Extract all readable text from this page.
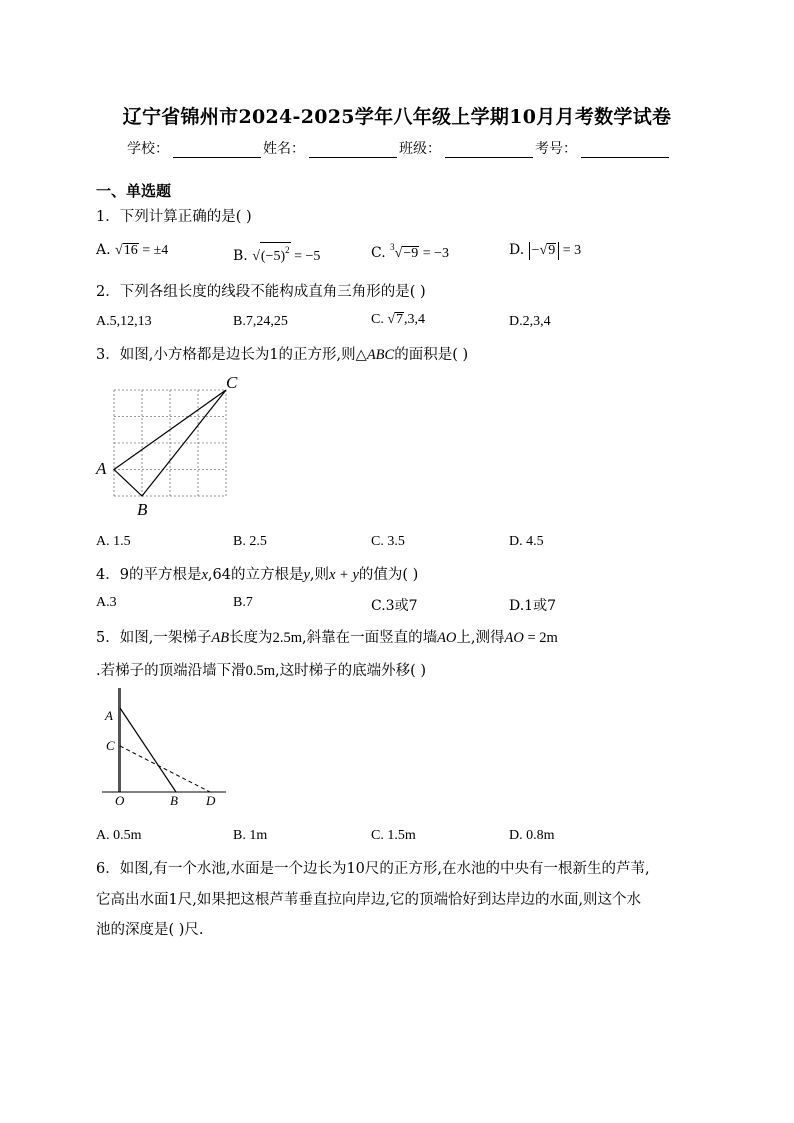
辽宁省锦州市2024-2025学年八年级上学期10月月考数学试卷
学校：	姓名：	班级：	考号：
一、单选题
1．下列计算正确的是( )
A. √16 = ±4	B. $√(-5)^2 = -5$	C. $^3$√−9 = −3	D. −√9 = 3
2．下列各组长度的线段不能构成直角三角形的是( )
A.5,12,13	B.7,24,25	C. √7,3,4	D.2,3,4
3．如图,小方格都是边长为1的正方形,则△ABC的面积是( )
A
B
C
A. 1.5	B. 2.5	C. 3.5	D. 4.5
4．9的平方根是x,64的立方根是y,则x + y的值为( )
A.3	B.7	C.3或7	D.1或7
5．如图,一架梯子AB长度为2.5m,斜靠在一面竖直的墙AO上,测得AO = 2m
.若梯子的顶端沿墙下滑0.5m,这时梯子的底端外移( )
A
C
O	B D
A. 0.5m	B. 1m	C. 1.5m	D. 0.8m
6．如图,有一个水池,水面是一个边长为10尺的正方形,在水池的中央有一根新生的芦苇,
它高出水面1尺,如果把这根芦苇垂直拉向岸边,它的顶端恰好到达岸边的水面,则这个水
池的深度是( )尺.
